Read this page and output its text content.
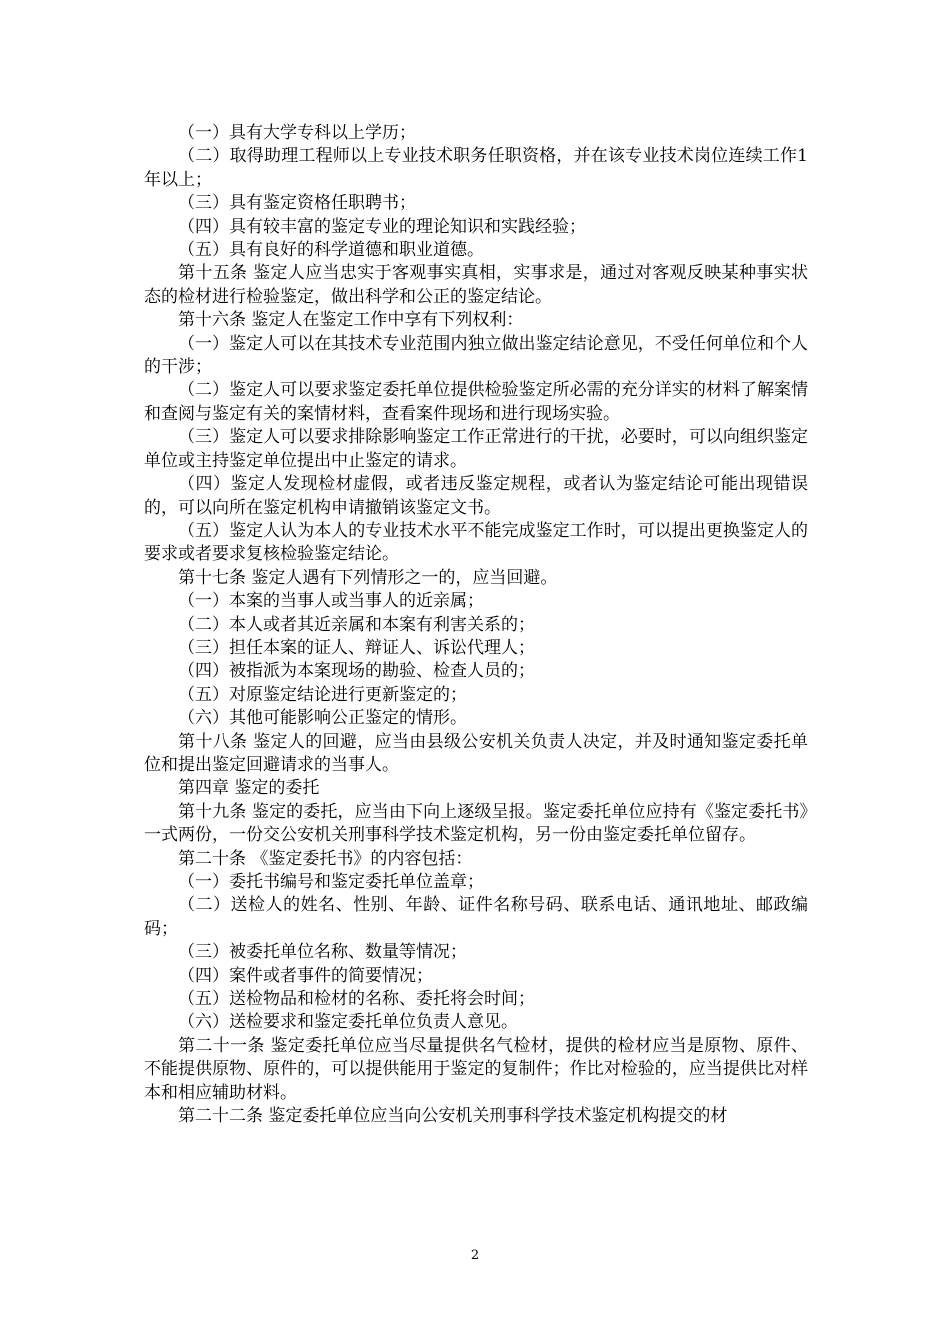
（一）具有大学专科以上学历；

（二）取得助理工程师以上专业技术职务任职资格，并在该专业技术岗位连续工作1年以上；

（三）具有鉴定资格任职聘书；

（四）具有较丰富的鉴定专业的理论知识和实践经验；

（五）具有良好的科学道德和职业道德。

第十五条 鉴定人应当忠实于客观事实真相，实事求是，通过对客观反映某种事实状态的检材进行检验鉴定，做出科学和公正的鉴定结论。

第十六条 鉴定人在鉴定工作中享有下列权利：

（一）鉴定人可以在其技术专业范围内独立做出鉴定结论意见，不受任何单位和个人的干涉；

（二）鉴定人可以要求鉴定委托单位提供检验鉴定所必需的充分详实的材料了解案情和查阅与鉴定有关的案情材料，查看案件现场和进行现场实验。

（三）鉴定人可以要求排除影响鉴定工作正常进行的干扰，必要时，可以向组织鉴定单位或主持鉴定单位提出中止鉴定的请求。

（四）鉴定人发现检材虚假，或者违反鉴定规程，或者认为鉴定结论可能出现错误的，可以向所在鉴定机构申请撤销该鉴定文书。

（五）鉴定人认为本人的专业技术水平不能完成鉴定工作时，可以提出更换鉴定人的要求或者要求复核检验鉴定结论。

第十七条 鉴定人遇有下列情形之一的，应当回避。

（一）本案的当事人或当事人的近亲属；

（二）本人或者其近亲属和本案有利害关系的；

（三）担任本案的证人、辩证人、诉讼代理人；

（四）被指派为本案现场的勘验、检查人员的；

（五）对原鉴定结论进行更新鉴定的；

（六）其他可能影响公正鉴定的情形。

第十八条 鉴定人的回避，应当由县级公安机关负责人决定，并及时通知鉴定委托单位和提出鉴定回避请求的当事人。

第四章 鉴定的委托

第十九条 鉴定的委托，应当由下向上逐级呈报。鉴定委托单位应持有《鉴定委托书》一式两份，一份交公安机关刑事科学技术鉴定机构，另一份由鉴定委托单位留存。

第二十条 《鉴定委托书》的内容包括：

（一）委托书编号和鉴定委托单位盖章；

（二）送检人的姓名、性别、年龄、证件名称号码、联系电话、通讯地址、邮政编码；

（三）被委托单位名称、数量等情况；

（四）案件或者事件的简要情况；

（五）送检物品和检材的名称、委托将会时间；

（六）送检要求和鉴定委托单位负责人意见。

第二十一条 鉴定委托单位应当尽量提供名气检材，提供的检材应当是原物、原件、不能提供原物、原件的，可以提供能用于鉴定的复制件；作比对检验的，应当提供比对样本和相应辅助材料。

第二十二条 鉴定委托单位应当向公安机关刑事科学技术鉴定机构提交的材

2
